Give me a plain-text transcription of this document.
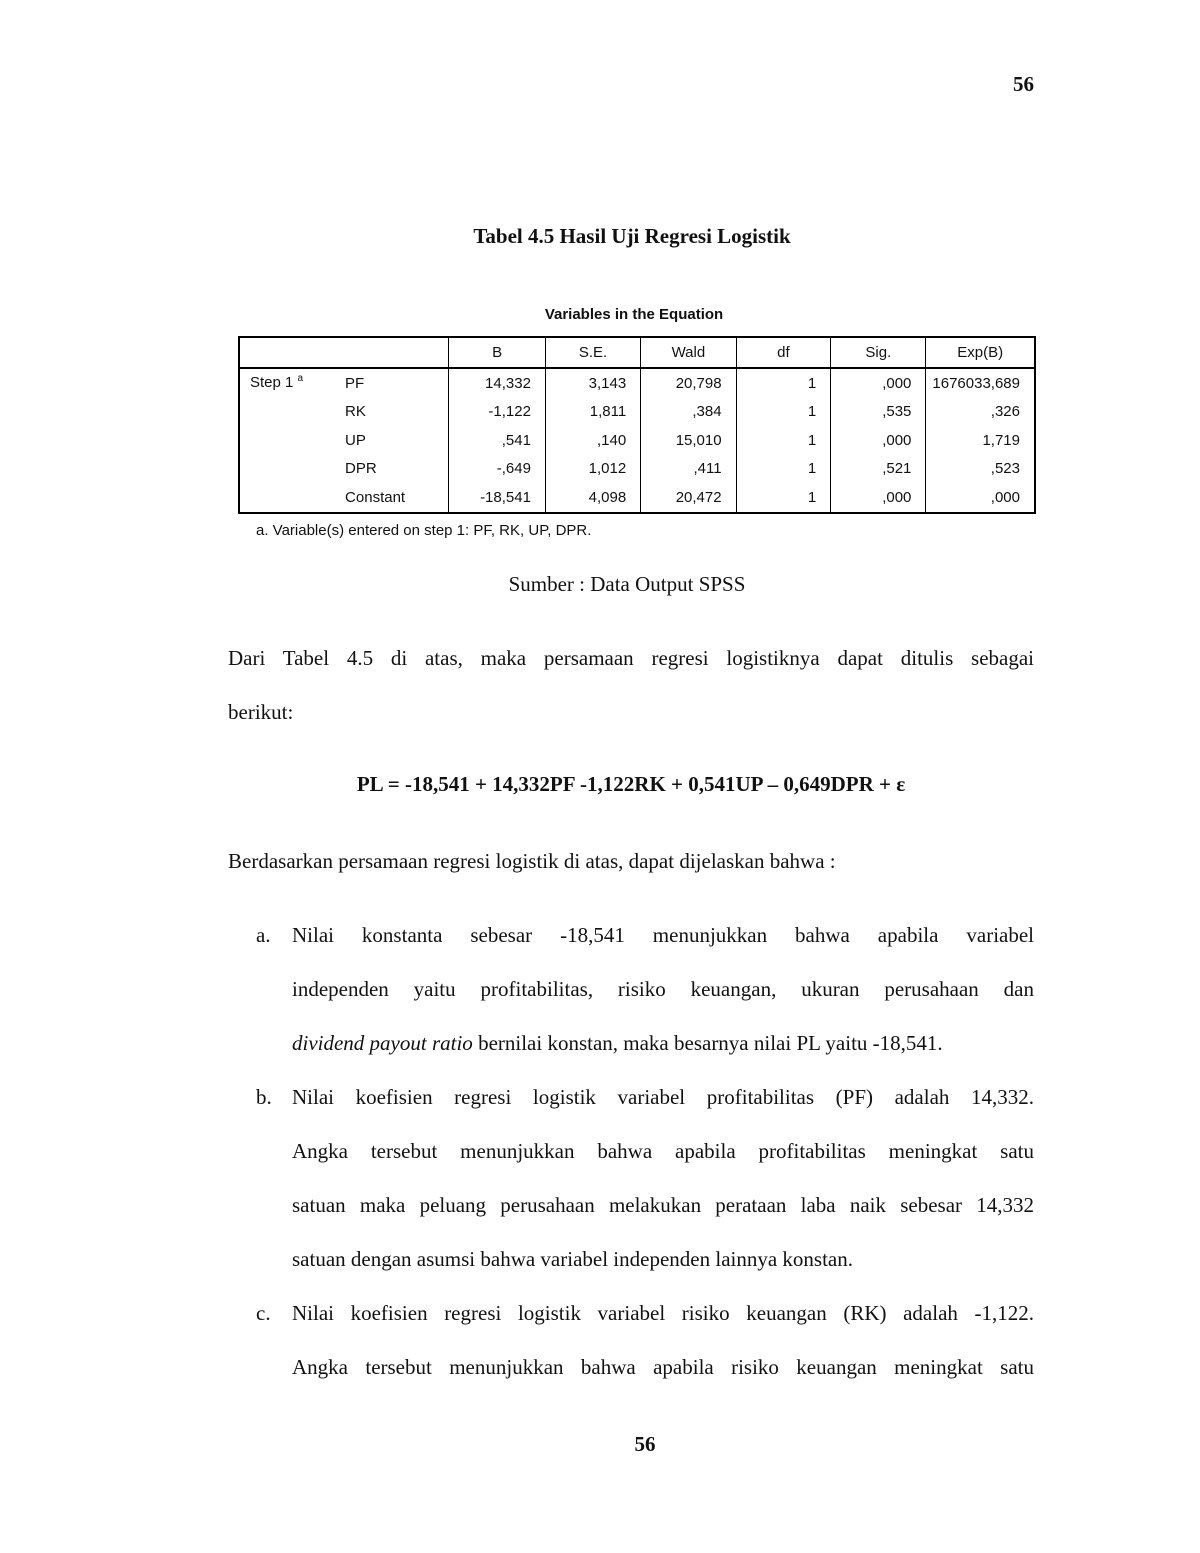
56
Tabel 4.5 Hasil Uji Regresi Logistik
Variables in the Equation
		B	S.E.	Wald	df	Sig.	Exp(B)
Step 1 $^a$	PF	14,332	3,143	20,798	1	,000	1676033,689
	RK	-1,122	1,811	,384	1	,535	,326
	UP	,541	,140	15,010	1	,000	1,719
	DPR	-,649	1,012	,411	1	,521	,523
	Constant	-18,541	4,098	20,472	1	,000	,000
a. Variable(s) entered on step 1: PF, RK, UP, DPR.
Sumber : Data Output SPSS

Dari Tabel 4.5 di atas, maka persamaan regresi logistiknya dapat ditulis sebagai

berikut:

PL = -18,541 + 14,332PF -1,122RK + 0,541UP – 0,649DPR + ε

Berdasarkan persamaan regresi logistik di atas, dapat dijelaskan bahwa :

a. Nilai konstanta sebesar -18,541 menunjukkan bahwa apabila variabel
independen yaitu profitabilitas, risiko keuangan, ukuran perusahaan dan
dividend payout ratio bernilai konstan, maka besarnya nilai PL yaitu -18,541.

b. Nilai koefisien regresi logistik variabel profitabilitas (PF) adalah 14,332.
Angka tersebut menunjukkan bahwa apabila profitabilitas meningkat satu
satuan maka peluang perusahaan melakukan perataan laba naik sebesar 14,332
satuan dengan asumsi bahwa variabel independen lainnya konstan.

c. Nilai koefisien regresi logistik variabel risiko keuangan (RK) adalah -1,122.
Angka tersebut menunjukkan bahwa apabila risiko keuangan meningkat satu

56
